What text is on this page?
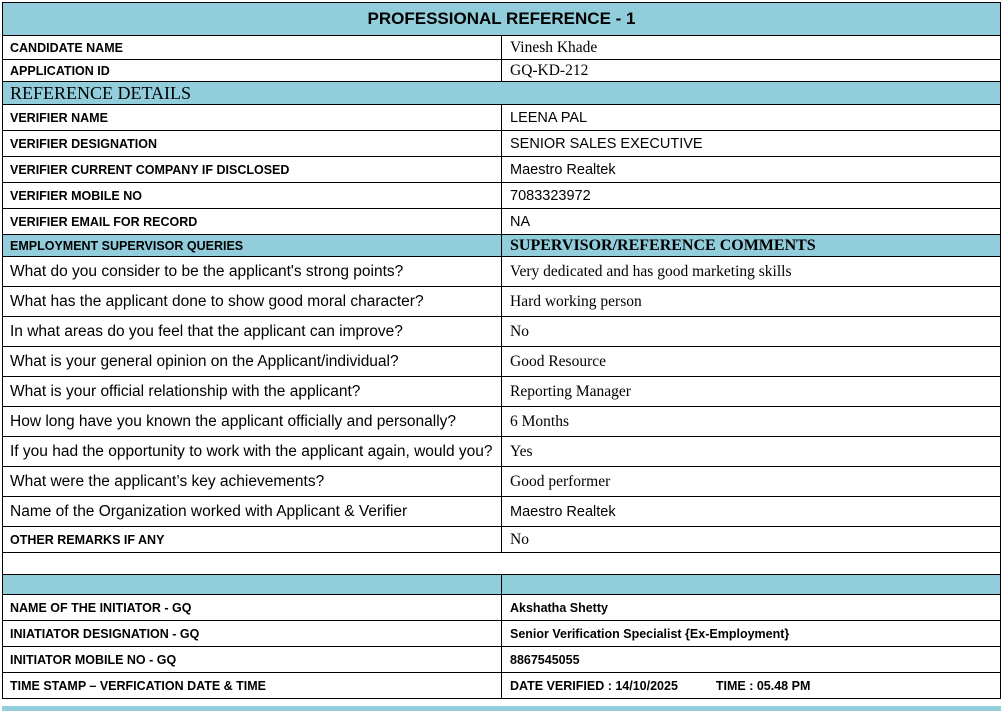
PROFESSIONAL REFERENCE - 1	
CANDIDATE NAME	Vinesh Khade
APPLICATION ID	GQ-KD-212
REFERENCE DETAILS	
VERIFIER NAME	LEENA PAL
VERIFIER DESIGNATION	SENIOR SALES EXECUTIVE
VERIFIER CURRENT COMPANY IF DISCLOSED	Maestro Realtek
VERIFIER MOBILE NO	7083323972
VERIFIER EMAIL FOR RECORD	NA
EMPLOYMENT SUPERVISOR QUERIES	SUPERVISOR/REFERENCE COMMENTS
What do you consider to be the applicant's strong points?	Very dedicated and has good marketing skills
What has the applicant done to show good moral character?	Hard working person
In what areas do you feel that the applicant can improve?	No
What is your general opinion on the Applicant/individual?	Good Resource
What is your official relationship with the applicant?	Reporting Manager
How long have you known the applicant officially and personally?	6 Months
If you had the opportunity to work with the applicant again, would you?	Yes
What were the applicant’s key achievements?	Good performer
Name of the Organization worked with Applicant & Verifier	Maestro Realtek
OTHER REMARKS IF ANY	No

NAME OF THE INITIATOR - GQ	Akshatha Shetty
INIATIATOR DESIGNATION - GQ	Senior Verification Specialist {Ex-Employment}
INITIATOR MOBILE NO - GQ	8867545055
TIME STAMP – VERFICATION DATE & TIME	DATE VERIFIED : 14/10/2025 TIME : 05.48 PM
